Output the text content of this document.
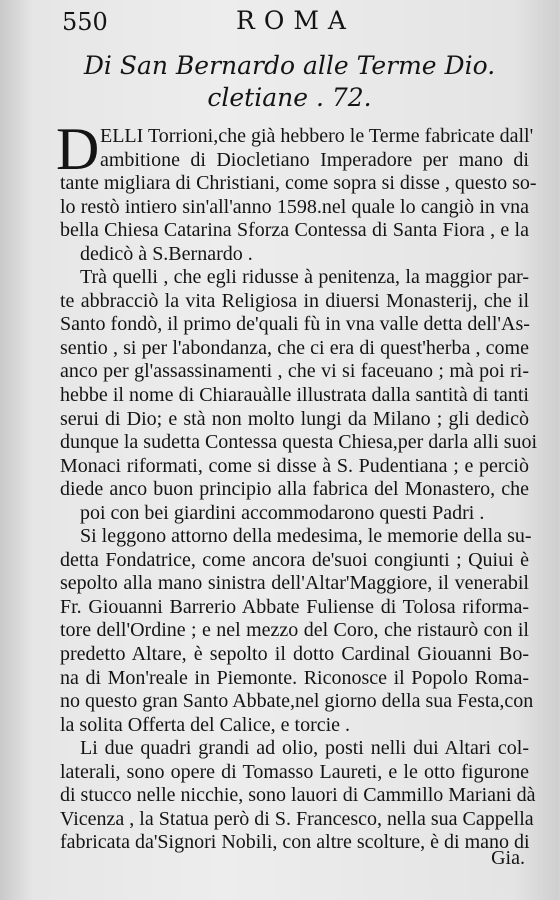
550	ROMA
Di San Bernardo alle Terme Dio.
cletiane . 72.
D ELLI Torrioni,che già hebbero le Terme fabricate dall'
ambitione di Diocletiano Imperadore per mano di
tante migliara di Christiani, come sopra si disse , questo so-
lo restò intiero sin'all'anno 1598.nel quale lo cangiò in vna
bella Chiesa Catarina Sforza Contessa di Santa Fiora , e la
dedicò à S.Bernardo .
Trà quelli , che egli ridusse à penitenza, la maggior par-
te abbracciò la vita Religiosa in diuersi Monasterij, che il
Santo fondò, il primo de'quali fù in vna valle detta dell'As-
sentio , si per l'abondanza, che ci era di quest'herba , come
anco per gl'assassinamenti , che vi si faceuano ; mà poi ri-
hebbe il nome di Chiarauàlle illustrata dalla santità di tanti
serui di Dio; e stà non molto lungi da Milano ; gli dedicò
dunque la sudetta Contessa questa Chiesa,per darla alli suoi
Monaci riformati, come si disse à S. Pudentiana ; e perciò
diede anco buon principio alla fabrica del Monastero, che
poi con bei giardini accommodarono questi Padri .
Si leggono attorno della medesima, le memorie della su-
detta Fondatrice, come ancora de'suoi congiunti ; Quiui è
sepolto alla mano sinistra dell'Altar'Maggiore, il venerabil
Fr. Giouanni Barrerio Abbate Fuliense di Tolosa riforma-
tore dell'Ordine ; e nel mezzo del Coro, che ristaurò con il
predetto Altare, è sepolto il dotto Cardinal Giouanni Bo-
na di Mon'reale in Piemonte. Riconosce il Popolo Roma-
no questo gran Santo Abbate,nel giorno della sua Festa,con
la solita Offerta del Calice, e torcie .
Li due quadri grandi ad olio, posti nelli dui Altari col-
laterali, sono opere di Tomasso Laureti, e le otto figurone
di stucco nelle nicchie, sono lauori di Cammillo Mariani dà
Vicenza , la Statua però di S. Francesco, nella sua Cappella
fabricata da'Signori Nobili, con altre scolture, è di mano di
Gia.
